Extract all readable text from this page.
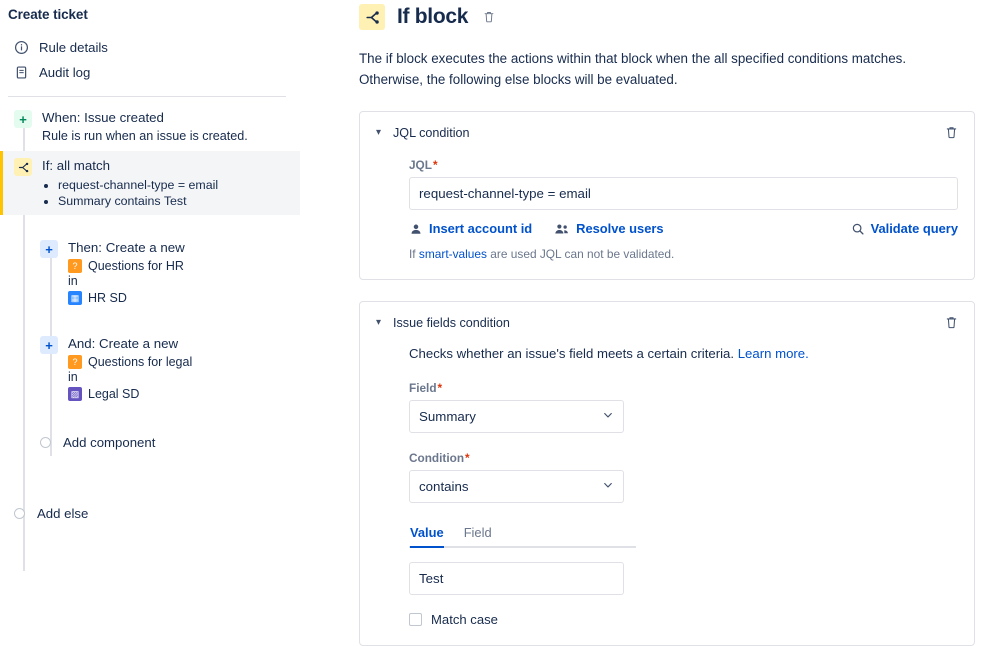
Create ticket
Rule details
Audit log
+	When: Issue created
Rule is run when an issue is created.
If: all match
• request-channel-type = email
• Summary contains Test
+	Then: Create a new
? Questions for HR
in
▦ HR SD
+	And: Create a new
? Questions for legal
in
▨ Legal SD
Add component
Add else
If block
The if block executes the actions within that block when the all specified conditions matches. Otherwise, the following else blocks will be evaluated.
▾ JQL condition
JQL*
request-channel-type = email
Insert account id	Resolve users	Validate query
If smart-values are used JQL can not be validated.
▾ Issue fields condition
Checks whether an issue's field meets a certain criteria. Learn more.
Field*
Summary
Condition*
contains
Value Field
Test
Match case
